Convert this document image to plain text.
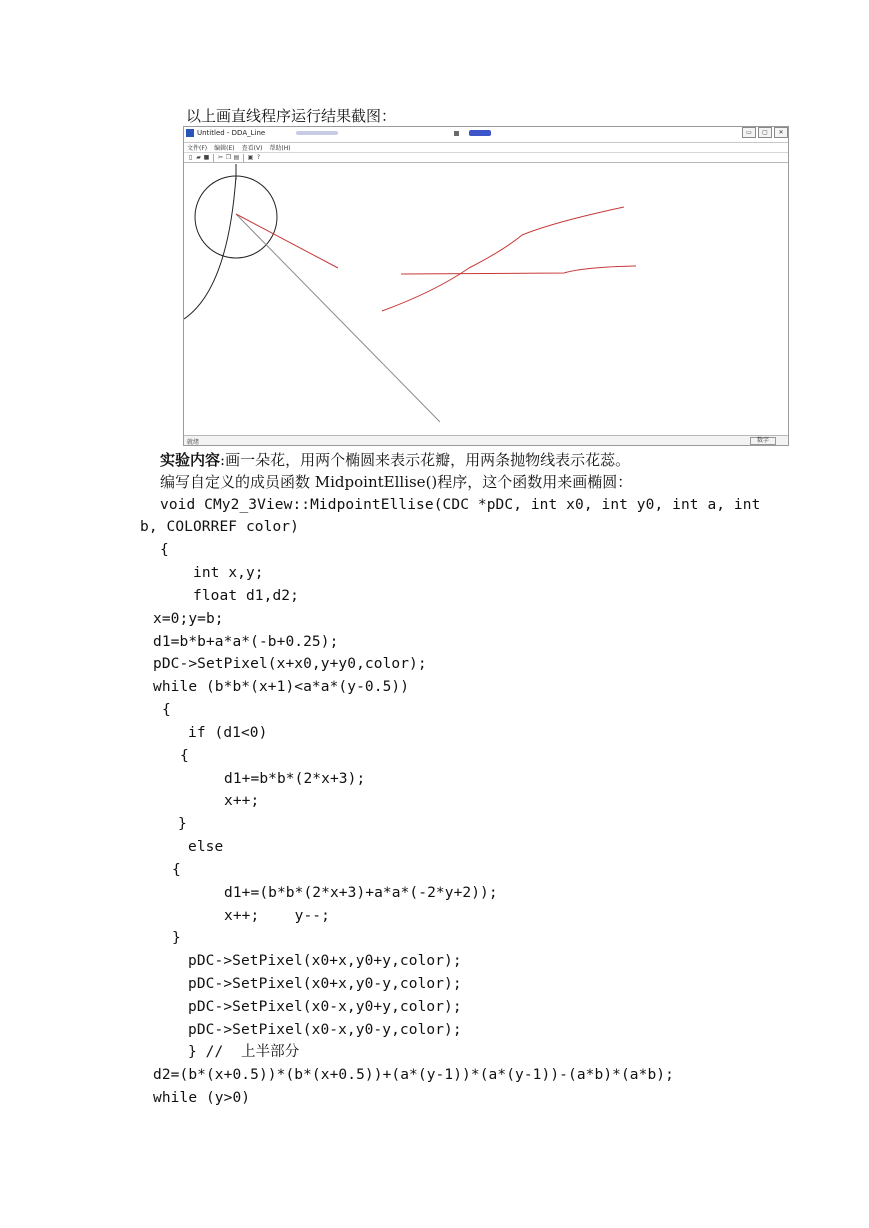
以上画直线程序运行结果截图：
Untitled - DDA_Line	▭	▢	✕
文件(F) 编辑(E) 查看(V) 帮助(H)
▯ ▰ ■ ✂ ❐ ▤ ▣ ?
就绪	数字
实验内容:画一朵花，用两个椭圆来表示花瓣，用两条抛物线表示花蕊。
编写自定义的成员函数 MidpointEllise()程序，这个函数用来画椭圆：
void CMy2_3View::MidpointEllise(CDC *pDC, int x0, int y0, int a, int
b, COLORREF color)
{
int x,y;
float d1,d2;
x=0;y=b;
d1=b*b+a*a*(-b+0.25);
pDC->SetPixel(x+x0,y+y0,color);
while (b*b*(x+1)<a*a*(y-0.5))
{
if (d1<0)
{
d1+=b*b*(2*x+3);
x++;
}
else
{
d1+=(b*b*(2*x+3)+a*a*(-2*y+2));
x++;    y--;
}
pDC->SetPixel(x0+x,y0+y,color);
pDC->SetPixel(x0+x,y0-y,color);
pDC->SetPixel(x0-x,y0+y,color);
pDC->SetPixel(x0-x,y0-y,color);
} //  上半部分
d2=(b*(x+0.5))*(b*(x+0.5))+(a*(y-1))*(a*(y-1))-(a*b)*(a*b);
while (y>0)
